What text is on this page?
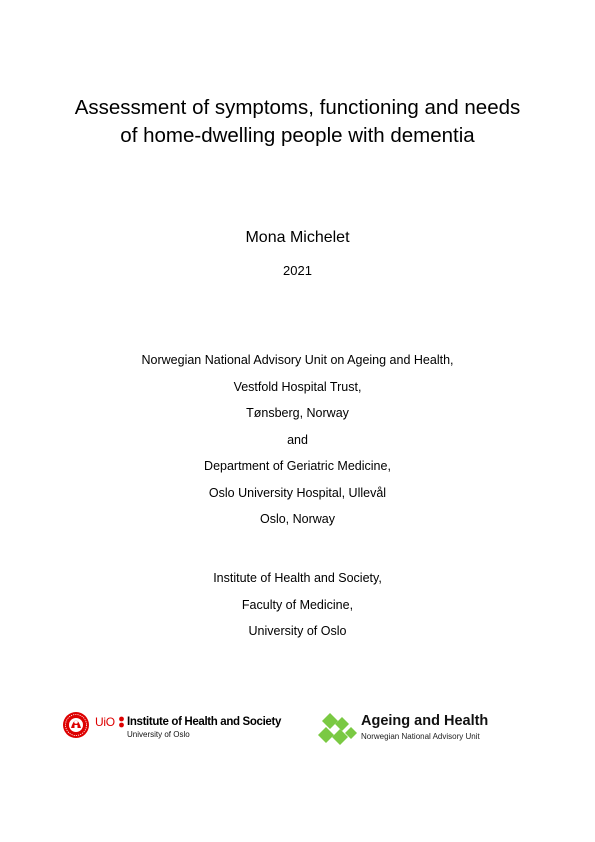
Assessment of symptoms, functioning and needs
of home-dwelling people with dementia
Mona Michelet
2021
Norwegian National Advisory Unit on Ageing and Health,
Vestfold Hospital Trust,
Tønsberg, Norway
and
Department of Geriatric Medicine,
Oslo University Hospital, Ullevål
Oslo, Norway
Institute of Health and Society,
Faculty of Medicine,
University of Oslo
UiO Institute of Health and Society
University of Oslo
Ageing and Health
Norwegian National Advisory Unit
